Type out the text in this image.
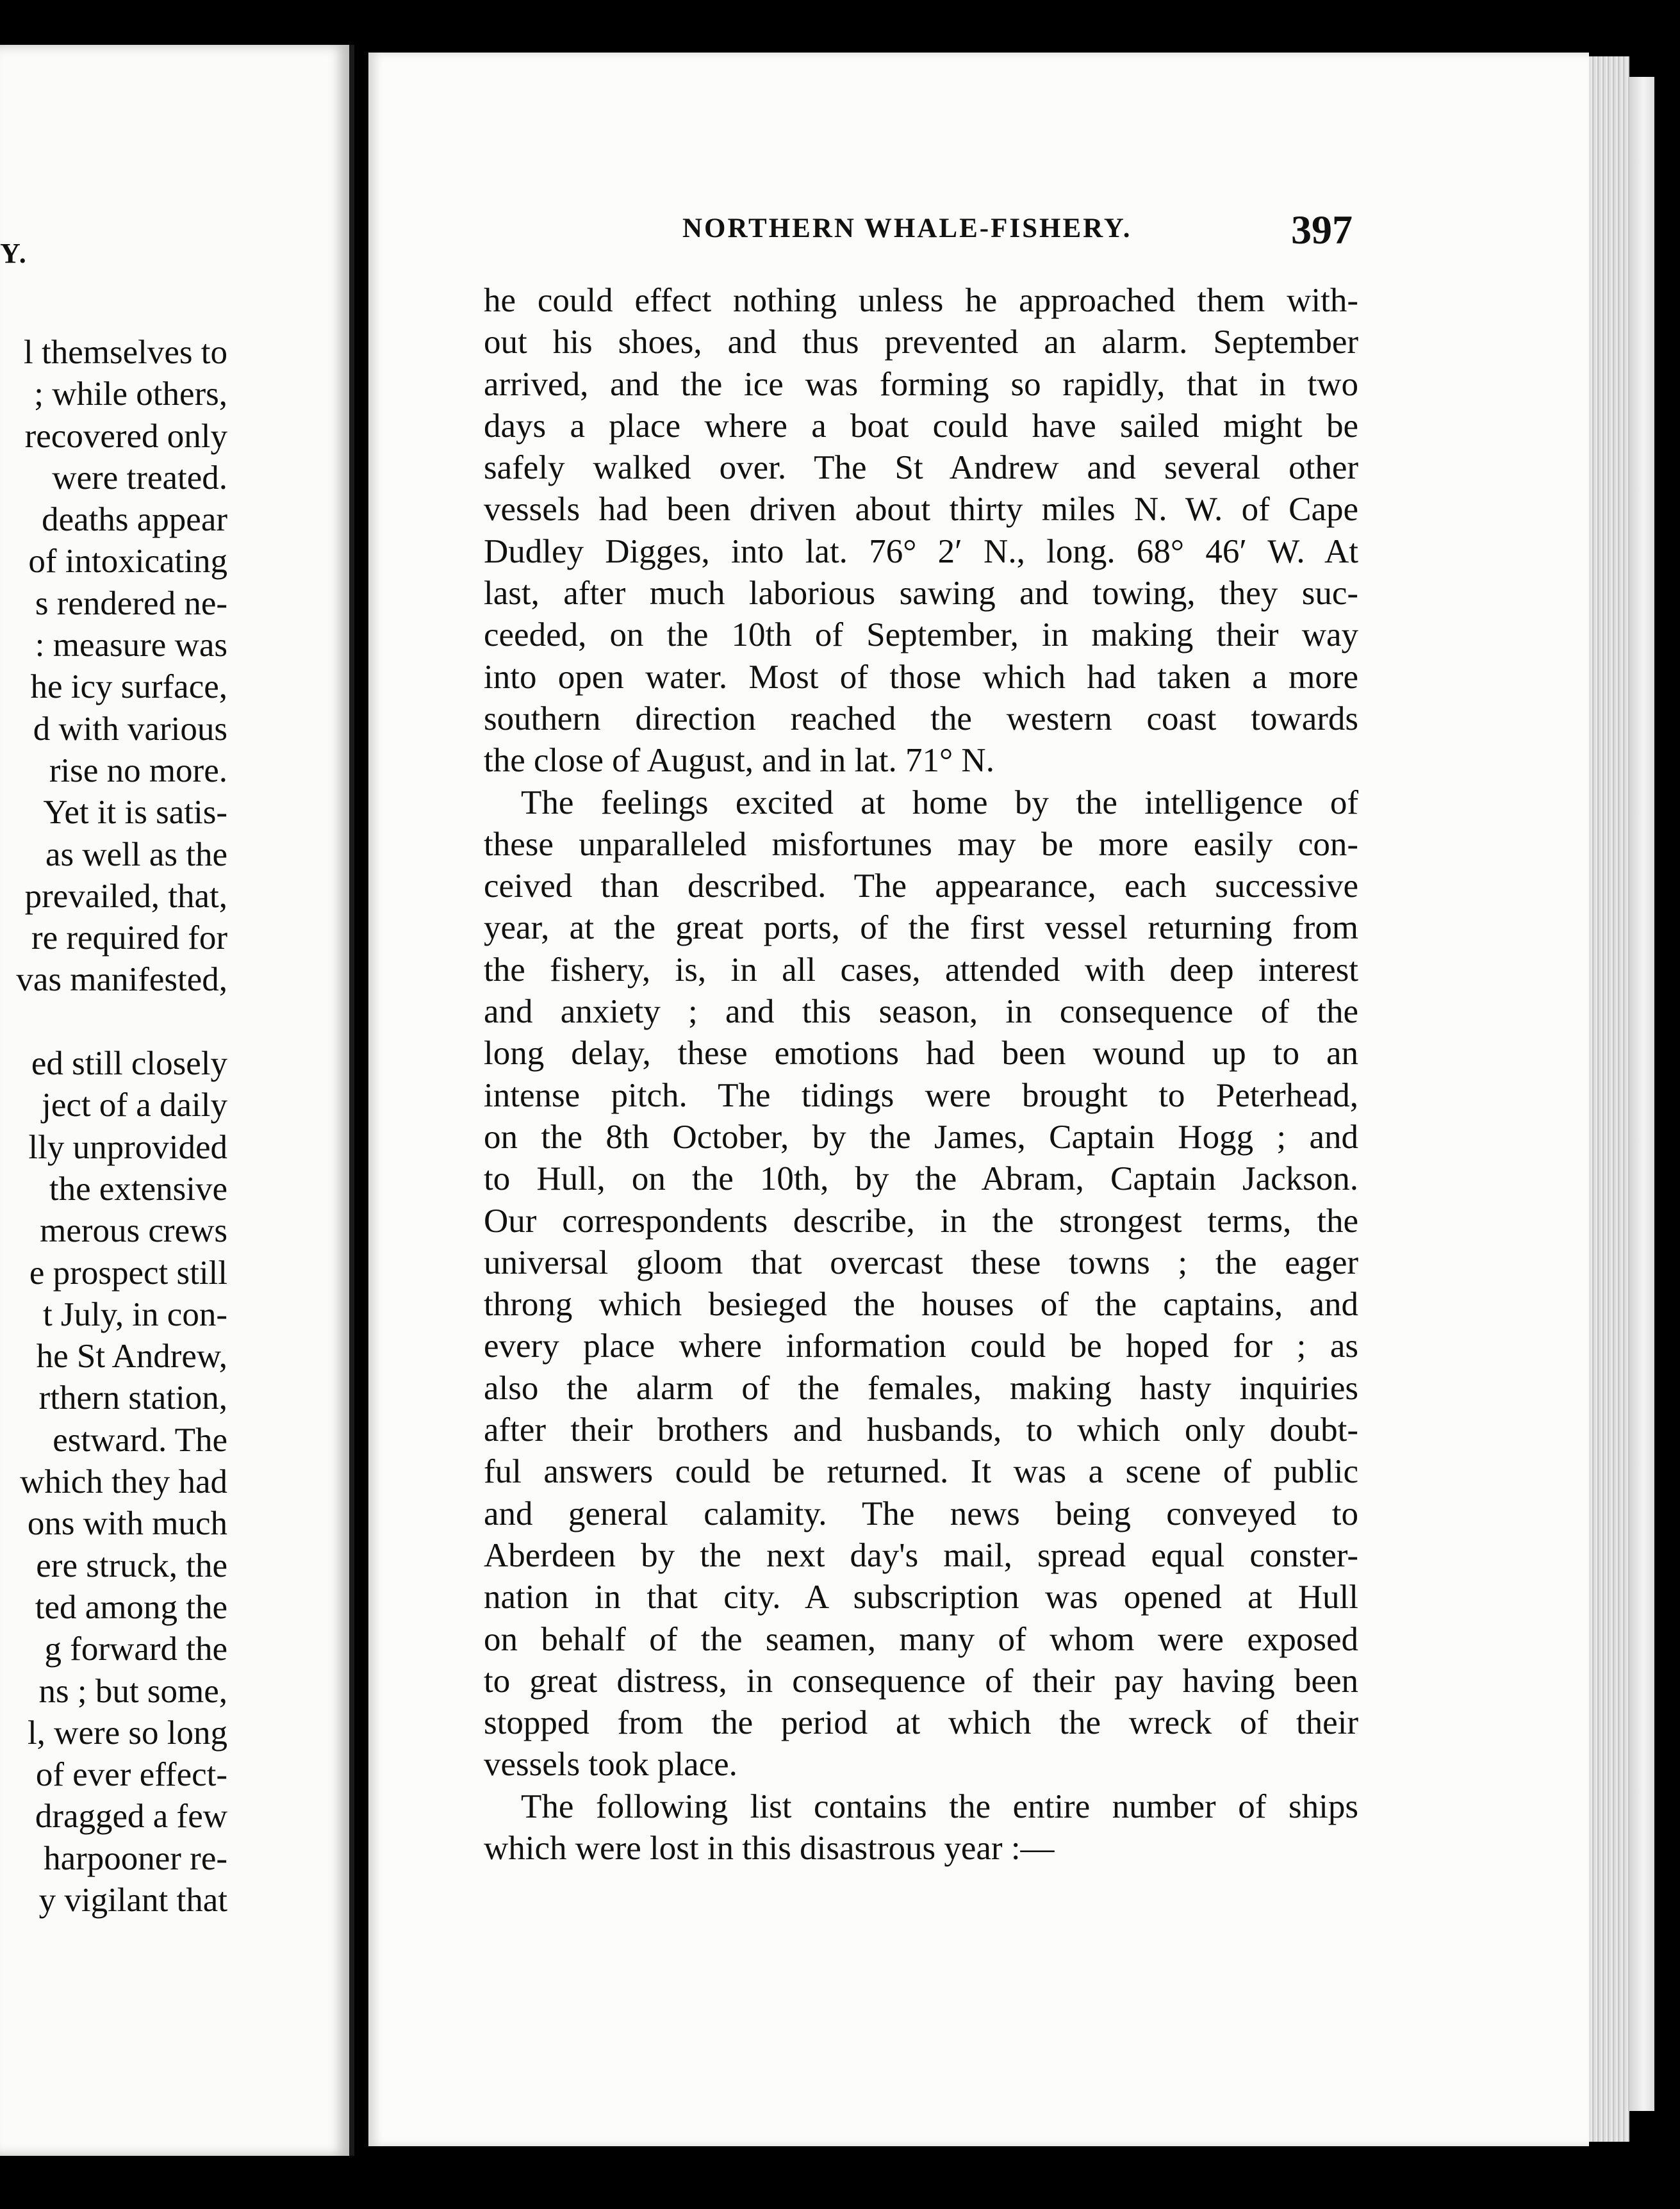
Y.
l themselves to
; while others,
recovered only
were treated.
deaths appear
of intoxicating
s rendered ne-
: measure was
he icy surface,
d with various
rise no more.
Yet it is satis-
as well as the
prevailed, that,
re required for
vas manifested,
ed still closely
ject of a daily
lly unprovided
the extensive
merous crews
e prospect still
t July, in con-
he St Andrew,
rthern station,
estward. The
which they had
ons with much
ere struck, the
ted among the
g forward the
ns ; but some,
l, were so long
of ever effect-
dragged a few
harpooner re-
y vigilant that
NORTHERN WHALE-FISHERY.	397
he could effect nothing unless he approached them with-
out his shoes, and thus prevented an alarm. September
arrived, and the ice was forming so rapidly, that in two
days a place where a boat could have sailed might be
safely walked over. The St Andrew and several other
vessels had been driven about thirty miles N. W. of Cape
Dudley Digges, into lat. 76° 2′ N., long. 68° 46′ W. At
last, after much laborious sawing and towing, they suc-
ceeded, on the 10th of September, in making their way
into open water. Most of those which had taken a more
southern direction reached the western coast towards
the close of August, and in lat. 71° N.
The feelings excited at home by the intelligence of
these unparalleled misfortunes may be more easily con-
ceived than described. The appearance, each successive
year, at the great ports, of the first vessel returning from
the fishery, is, in all cases, attended with deep interest
and anxiety ; and this season, in consequence of the
long delay, these emotions had been wound up to an
intense pitch. The tidings were brought to Peterhead,
on the 8th October, by the James, Captain Hogg ; and
to Hull, on the 10th, by the Abram, Captain Jackson.
Our correspondents describe, in the strongest terms, the
universal gloom that overcast these towns ; the eager
throng which besieged the houses of the captains, and
every place where information could be hoped for ; as
also the alarm of the females, making hasty inquiries
after their brothers and husbands, to which only doubt-
ful answers could be returned. It was a scene of public
and general calamity. The news being conveyed to
Aberdeen by the next day's mail, spread equal conster-
nation in that city. A subscription was opened at Hull
on behalf of the seamen, many of whom were exposed
to great distress, in consequence of their pay having been
stopped from the period at which the wreck of their
vessels took place.
The following list contains the entire number of ships
which were lost in this disastrous year :—
